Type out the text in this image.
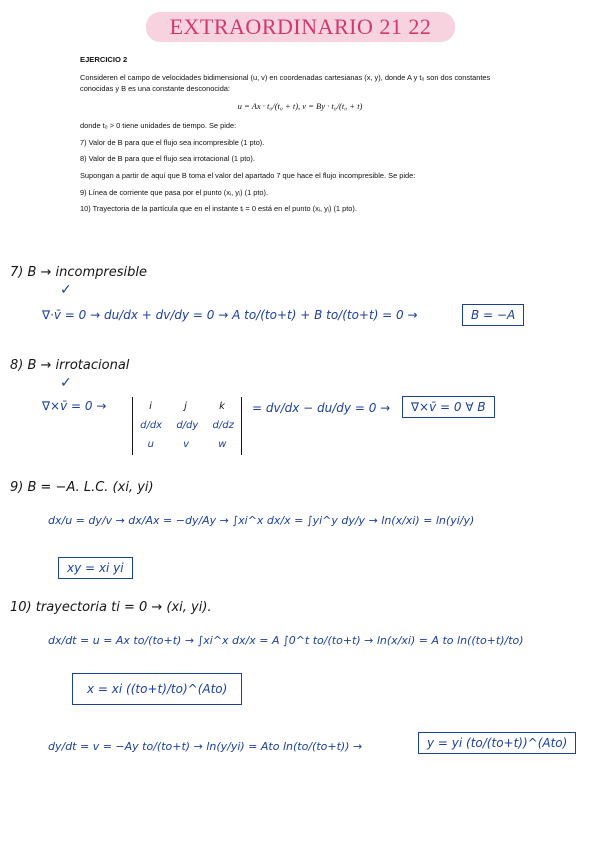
EXTRAORDINARIO 21 22

EJERCICIO 2

Consideren el campo de velocidades bidimensional (u, v) en coordenadas cartesianas (x, y), donde A y t₀ son dos constantes conocidas y B es una constante desconocida:

u = Ax · t₀/(t₀ + t), v = By · t₀/(t₀ + t)

donde t₀ > 0 tiene unidades de tiempo. Se pide:

7) Valor de B para que el flujo sea incompresible (1 pto).

8) Valor de B para que el flujo sea irrotacional (1 pto).

Supongan a partir de aquí que B toma el valor del apartado 7 que hace el flujo incompresible. Se pide:

9) Línea de corriente que pasa por el punto (xᵢ, yᵢ) (1 pto).

10) Trayectoria de la partícula que en el instante tᵢ = 0 está en el punto (xᵢ, yᵢ) (1 pto).

7) B → incompresible
✓
∇·v̄ = 0 → du/dx + dv/dy = 0 → A to/(to+t) + B to/(to+t) = 0 →	B = −A
8) B → irrotacional
✓
∇×v̄ = 0 →	i	j	k
d/dx d/dy d/dz
u	v	w
= dv/dx − du/dy = 0 →	∇×v̄ = 0 ∀ B
9) B = −A. L.C. (xi, yi)
dx/u = dy/v → dx/Ax = −dy/Ay → ∫xi^x dx/x = ∫yi^y dy/y → ln(x/xi) = ln(yi/y)
xy = xi yi
10) trayectoria ti = 0 → (xi, yi).
dx/dt = u = Ax to/(to+t) → ∫xi^x dx/x = A ∫0^t to/(to+t) → ln(x/xi) = A to ln((to+t)/to)
x = xi ((to+t)/to)^(Ato)
dy/dt = v = −Ay to/(to+t) → ln(y/yi) = Ato ln(to/(to+t)) →	y = yi (to/(to+t))^(Ato)
